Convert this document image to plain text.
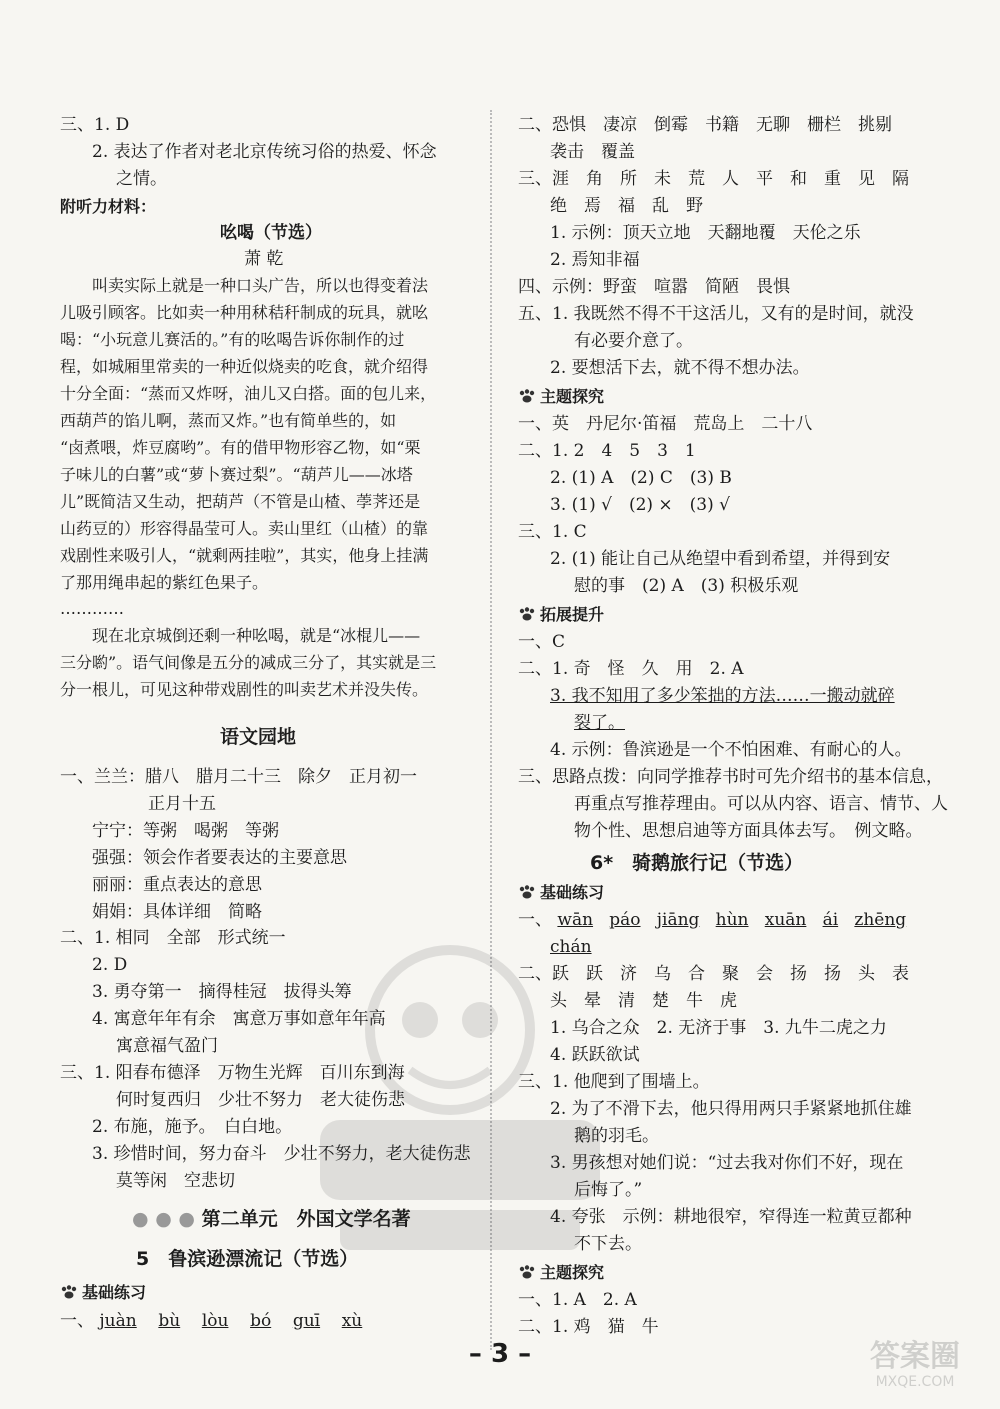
三、1. D
2. 表达了作者对老北京传统习俗的热爱、怀念
之情。
附听力材料：
吆喝（节选）
萧 乾
叫卖实际上就是一种口头广告，所以也得变着法
儿吸引顾客。比如卖一种用秫秸秆制成的玩具，就吆
喝：“小玩意儿赛活的。”有的吆喝告诉你制作的过
程，如城厢里常卖的一种近似烧卖的吃食，就介绍得
十分全面：“蒸而又炸呀，油儿又白搭。面的包儿来，
西葫芦的馅儿啊，蒸而又炸。”也有简单些的，如
“卤煮喂，炸豆腐哟”。有的借甲物形容乙物，如“栗
子味儿的白薯”或“萝卜赛过梨”。“葫芦儿——冰塔
儿”既简洁又生动，把葫芦（不管是山楂、荸荠还是
山药豆的）形容得晶莹可人。卖山里红（山楂）的靠
戏剧性来吸引人，“就剩两挂啦”，其实，他身上挂满
了那用绳串起的紫红色果子。
…………
现在北京城倒还剩一种吆喝，就是“冰棍儿——
三分喲”。语气间像是五分的减成三分了，其实就是三
分一根儿，可见这种带戏剧性的叫卖艺术并没失传。
语文园地
一、兰兰：腊八　腊月二十三　除夕　正月初一
正月十五
宁宁：等粥　喝粥　等粥
强强：领会作者要表达的主要意思
丽丽：重点表达的意思
娟娟：具体详细　简略
二、1. 相同　全部　形式统一
2. D
3. 勇夺第一　摘得桂冠　拔得头筹
4. 寓意年年有余　寓意万事如意年年高
寓意福气盈门
三、1. 阳春布德泽　万物生光辉　百川东到海
何时复西归　少壮不努力　老大徒伤悲
2. 布施，施予。　白白地。
3. 珍惜时间，努力奋斗　少壮不努力，老大徒伤悲
莫等闲　空悲切
● ● ● 第二单元　外国文学名著
5　鲁滨逊漂流记（节选）
基础练习
一、 juàn bù lòu bó guī xù
二、恐惧　凄凉　倒霉　书籍　无聊　栅栏　挑剔
袭击　覆盖
三、涯　角　所　未　荒　人　平　和　重　见　隔
绝　焉　福　乱　野
1. 示例：顶天立地　天翻地覆　天伦之乐
2. 焉知非福
四、示例：野蛮　喧嚣　简陋　畏惧
五、1. 我既然不得不干这活儿，又有的是时间，就没
有必要介意了。
2. 要想活下去，就不得不想办法。
主题探究
一、英　丹尼尔·笛福　荒岛上　二十八
二、1. 2　4　5　3　1
2. (1) A　(2) C　(3) B
3. (1) √　(2) ×　(3) √
三、1. C
2. (1) 能让自己从绝望中看到希望，并得到安
慰的事　(2) A　(3) 积极乐观
拓展提升
一、C
二、1. 奇　怪　久　用　2. A
3. 我不知用了多少笨拙的方法……一搬动就碎
裂了。
4. 示例：鲁滨逊是一个不怕困难、有耐心的人。
三、思路点拨：向同学推荐书时可先介绍书的基本信息，
再重点写推荐理由。可以从内容、语言、情节、人
物个性、思想启迪等方面具体去写。　例文略。
6*　骑鹅旅行记（节选）
基础练习
一、 wān páo jiāng hùn xuān ái zhēng
chán
二、跃　跃　济　乌　合　聚　会　扬　扬　头　表
头　晕　清　楚　牛　虎
1. 乌合之众　2. 无济于事　3. 九牛二虎之力
4. 跃跃欲试
三、1. 他爬到了围墙上。
2. 为了不滑下去，他只得用两只手紧紧地抓住雄
鹅的羽毛。
3. 男孩想对她们说：“过去我对你们不好，现在
后悔了。”
4. 夸张　示例：耕地很窄，窄得连一粒黄豆都种
不下去。
主题探究
一、1. A　2. A
二、1. 鸡　猫　牛
– 3 –	答案圈
MXQE.COM
